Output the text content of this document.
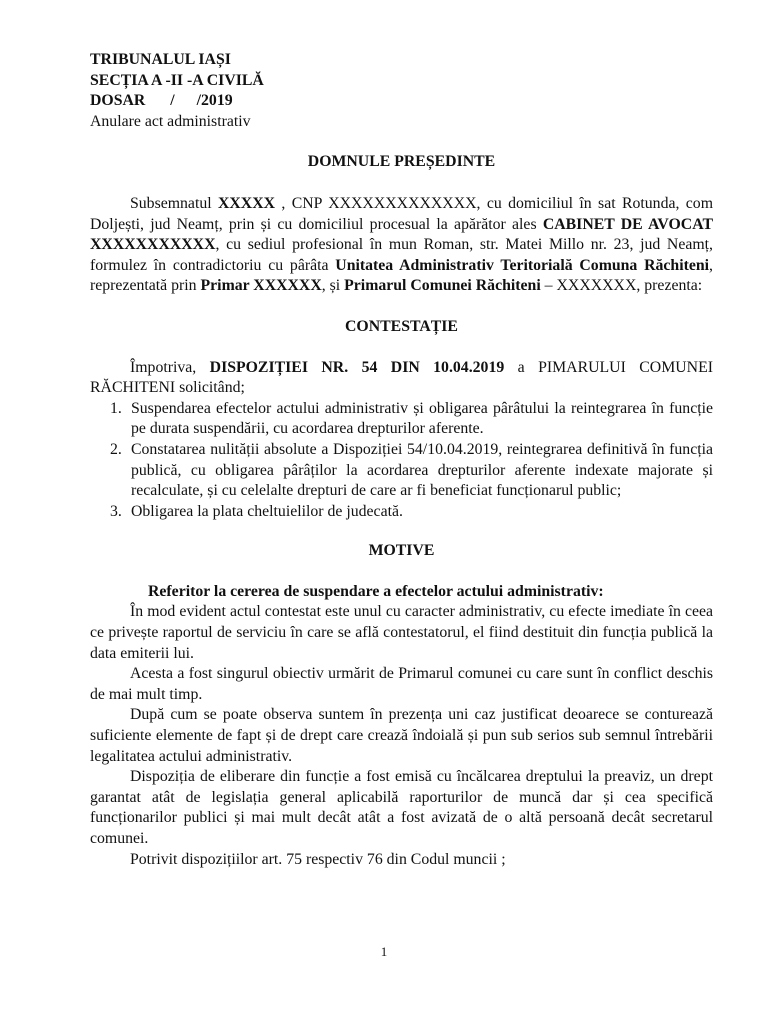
TRIBUNALUL IAȘI
SECȚIA A -II -A CIVILĂ
DOSAR / /2019
Anulare act administrativ
DOMNULE PREȘEDINTE

Subsemnatul XXXXX , CNP XXXXXXXXXXXXX, cu domiciliul în sat Rotunda, com Doljești, jud Neamț, prin și cu domiciliul procesual la apărător ales CABINET DE AVOCAT XXXXXXXXXXX, cu sediul profesional în mun Roman, str. Matei Millo nr. 23, jud Neamț, formulez în contradictoriu cu pârâta Unitatea Administrativ Teritorială Comuna Răchiteni, reprezentată prin Primar XXXXXX, și Primarul Comunei Răchiteni – XXXXXXX, prezenta:

CONTESTAȚIE

Împotriva, DISPOZIȚIEI NR. 54 DIN 10.04.2019 a PIMARULUI COMUNEI RĂCHITENI solicitând;

1. Suspendarea efectelor actului administrativ și obligarea pârâtului la reintegrarea în funcție pe durata suspendării, cu acordarea drepturilor aferente.
2. Constatarea nulității absolute a Dispoziției 54/10.04.2019, reintegrarea definitivă în funcția publică, cu obligarea pârâților la acordarea drepturilor aferente indexate majorate și recalculate, și cu celelalte drepturi de care ar fi beneficiat funcționarul public;
3. Obligarea la plata cheltuielilor de judecată.
MOTIVE
Referitor la cererea de suspendare a efectelor actului administrativ:

În mod evident actul contestat este unul cu caracter administrativ, cu efecte imediate în ceea ce privește raportul de serviciu în care se află contestatorul, el fiind destituit din funcția publică la data emiterii lui.

Acesta a fost singurul obiectiv urmărit de Primarul comunei cu care sunt în conflict deschis de mai mult timp.

După cum se poate observa suntem în prezența uni caz justificat deoarece se conturează suficiente elemente de fapt și de drept care crează îndoială și pun sub serios sub semnul întrebării legalitatea actului administrativ.

Dispoziția de eliberare din funcție a fost emisă cu încălcarea dreptului la preaviz, un drept garantat atât de legislația general aplicabilă raporturilor de muncă dar și cea specifică funcționarilor publici și mai mult decât atât a fost avizată de o altă persoană decât secretarul comunei.

Potrivit dispozițiilor art. 75 respectiv 76 din Codul muncii ;

1
